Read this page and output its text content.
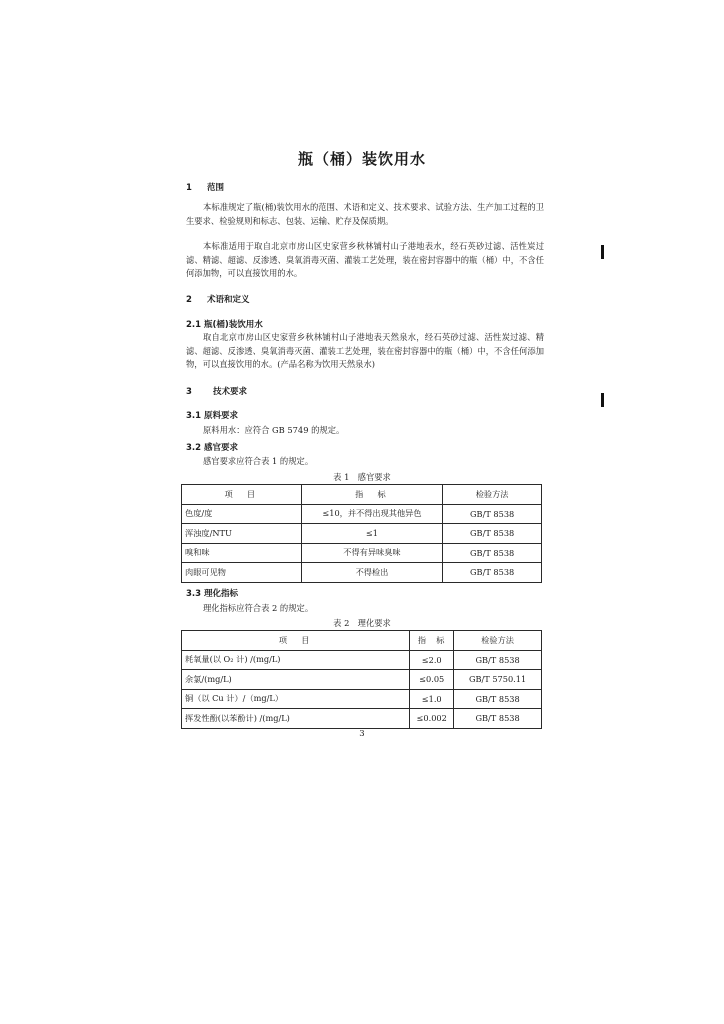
瓶（桶）装饮用水
1 范围

本标准规定了瓶(桶)装饮用水的范围、术语和定义、技术要求、试验方法、生产加工过程的卫生要求、检验规则和标志、包装、运输、贮存及保质期。

本标准适用于取自北京市房山区史家营乡秋林铺村山子港地表水，经石英砂过滤、活性炭过滤、精滤、超滤、反渗透、臭氧消毒灭菌、灌装工艺处理，装在密封容器中的瓶（桶）中，不含任何添加物，可以直接饮用的水。

2 术语和定义
2.1 瓶(桶)装饮用水

取自北京市房山区史家营乡秋林铺村山子港地表天然泉水，经石英砂过滤、活性炭过滤、精滤、超滤、反渗透、臭氧消毒灭菌、灌装工艺处理，装在密封容器中的瓶（桶）中，不含任何添加物，可以直接饮用的水。(产品名称为饮用天然泉水)

3 技术要求
3.1 原料要求
原料用水：应符合 GB 5749 的规定。
3.2 感官要求
感官要求应符合表 1 的规定。
表 1　感官要求
项　目	指　标	检验方法
色度/度	≤10，并不得出现其他异色	GB/T 8538
浑浊度/NTU	≤1	GB/T 8538
嗅和味	不得有异味臭味	GB/T 8538
肉眼可见物	不得检出	GB/T 8538
3.3 理化指标
理化指标应符合表 2 的规定。
表 2　理化要求
项　目	指　标	检验方法
耗氧量(以 O₂ 计) /(mg/L)	≤2.0	GB/T 8538
余氯/(mg/L)	≤0.05	GB/T 5750.11
铜（以 Cu 计）/（mg/L）	≤1.0	GB/T 8538
挥发性酚(以苯酚计) /(mg/L)	≤0.002	GB/T 8538
3
